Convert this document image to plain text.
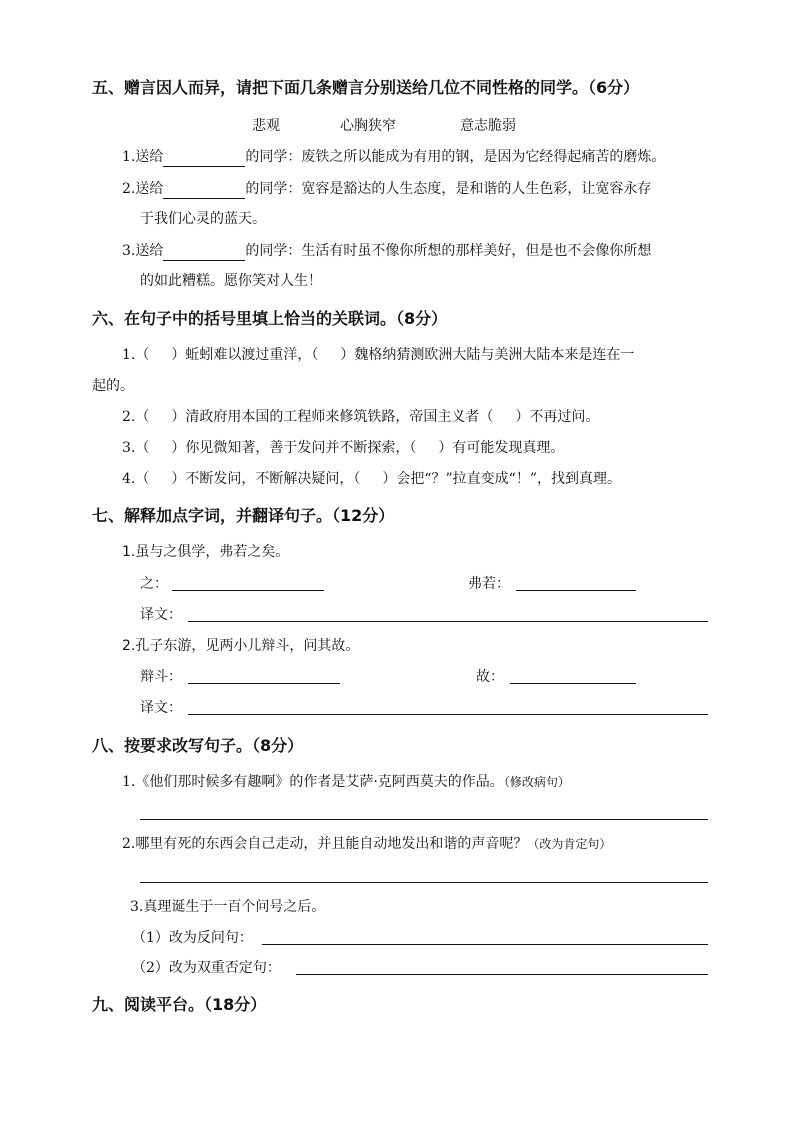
五、赠言因人而异，请把下面几条赠言分别送给几位不同性格的同学。（6分）
悲观	心胸狭窄	意志脆弱
1.送给	的同学：废铁之所以能成为有用的钢，是因为它经得起痛苦的磨炼。
2.送给	的同学：宽容是豁达的人生态度，是和谐的人生色彩，让宽容永存
于我们心灵的蓝天。
3.送给	的同学：生活有时虽不像你所想的那样美好，但是也不会像你所想
的如此糟糕。愿你笑对人生！
六、在句子中的括号里填上恰当的关联词。（8分）
1.（ ）蚯蚓难以渡过重洋，（ ）魏格纳猜测欧洲大陆与美洲大陆本来是连在一
起的。
2.（ ）清政府用本国的工程师来修筑铁路，帝国主义者（ ）不再过问。
3.（ ）你见微知著，善于发问并不断探索，（ ）有可能发现真理。
4.（ ）不断发问，不断解决疑问，（ ）会把“？”拉直变成“！”，找到真理。
七、解释加点字词，并翻译句子。（12分）
1.虽与之俱学，弗若之矣。
之：	弗若：
译文：
2.孔子东游，见两小儿辩斗，问其故。
辩斗：	故：
译文：
八、按要求改写句子。（8分）
1.《他们那时候多有趣啊》的作者是艾萨·克阿西莫夫的作品。（修改病句）
2.哪里有死的东西会自己走动，并且能自动地发出和谐的声音呢？（改为肯定句）
3.真理诞生于一百个问号之后。
（1）改为反问句：
（2）改为双重否定句：
九、阅读平台。（18分）
